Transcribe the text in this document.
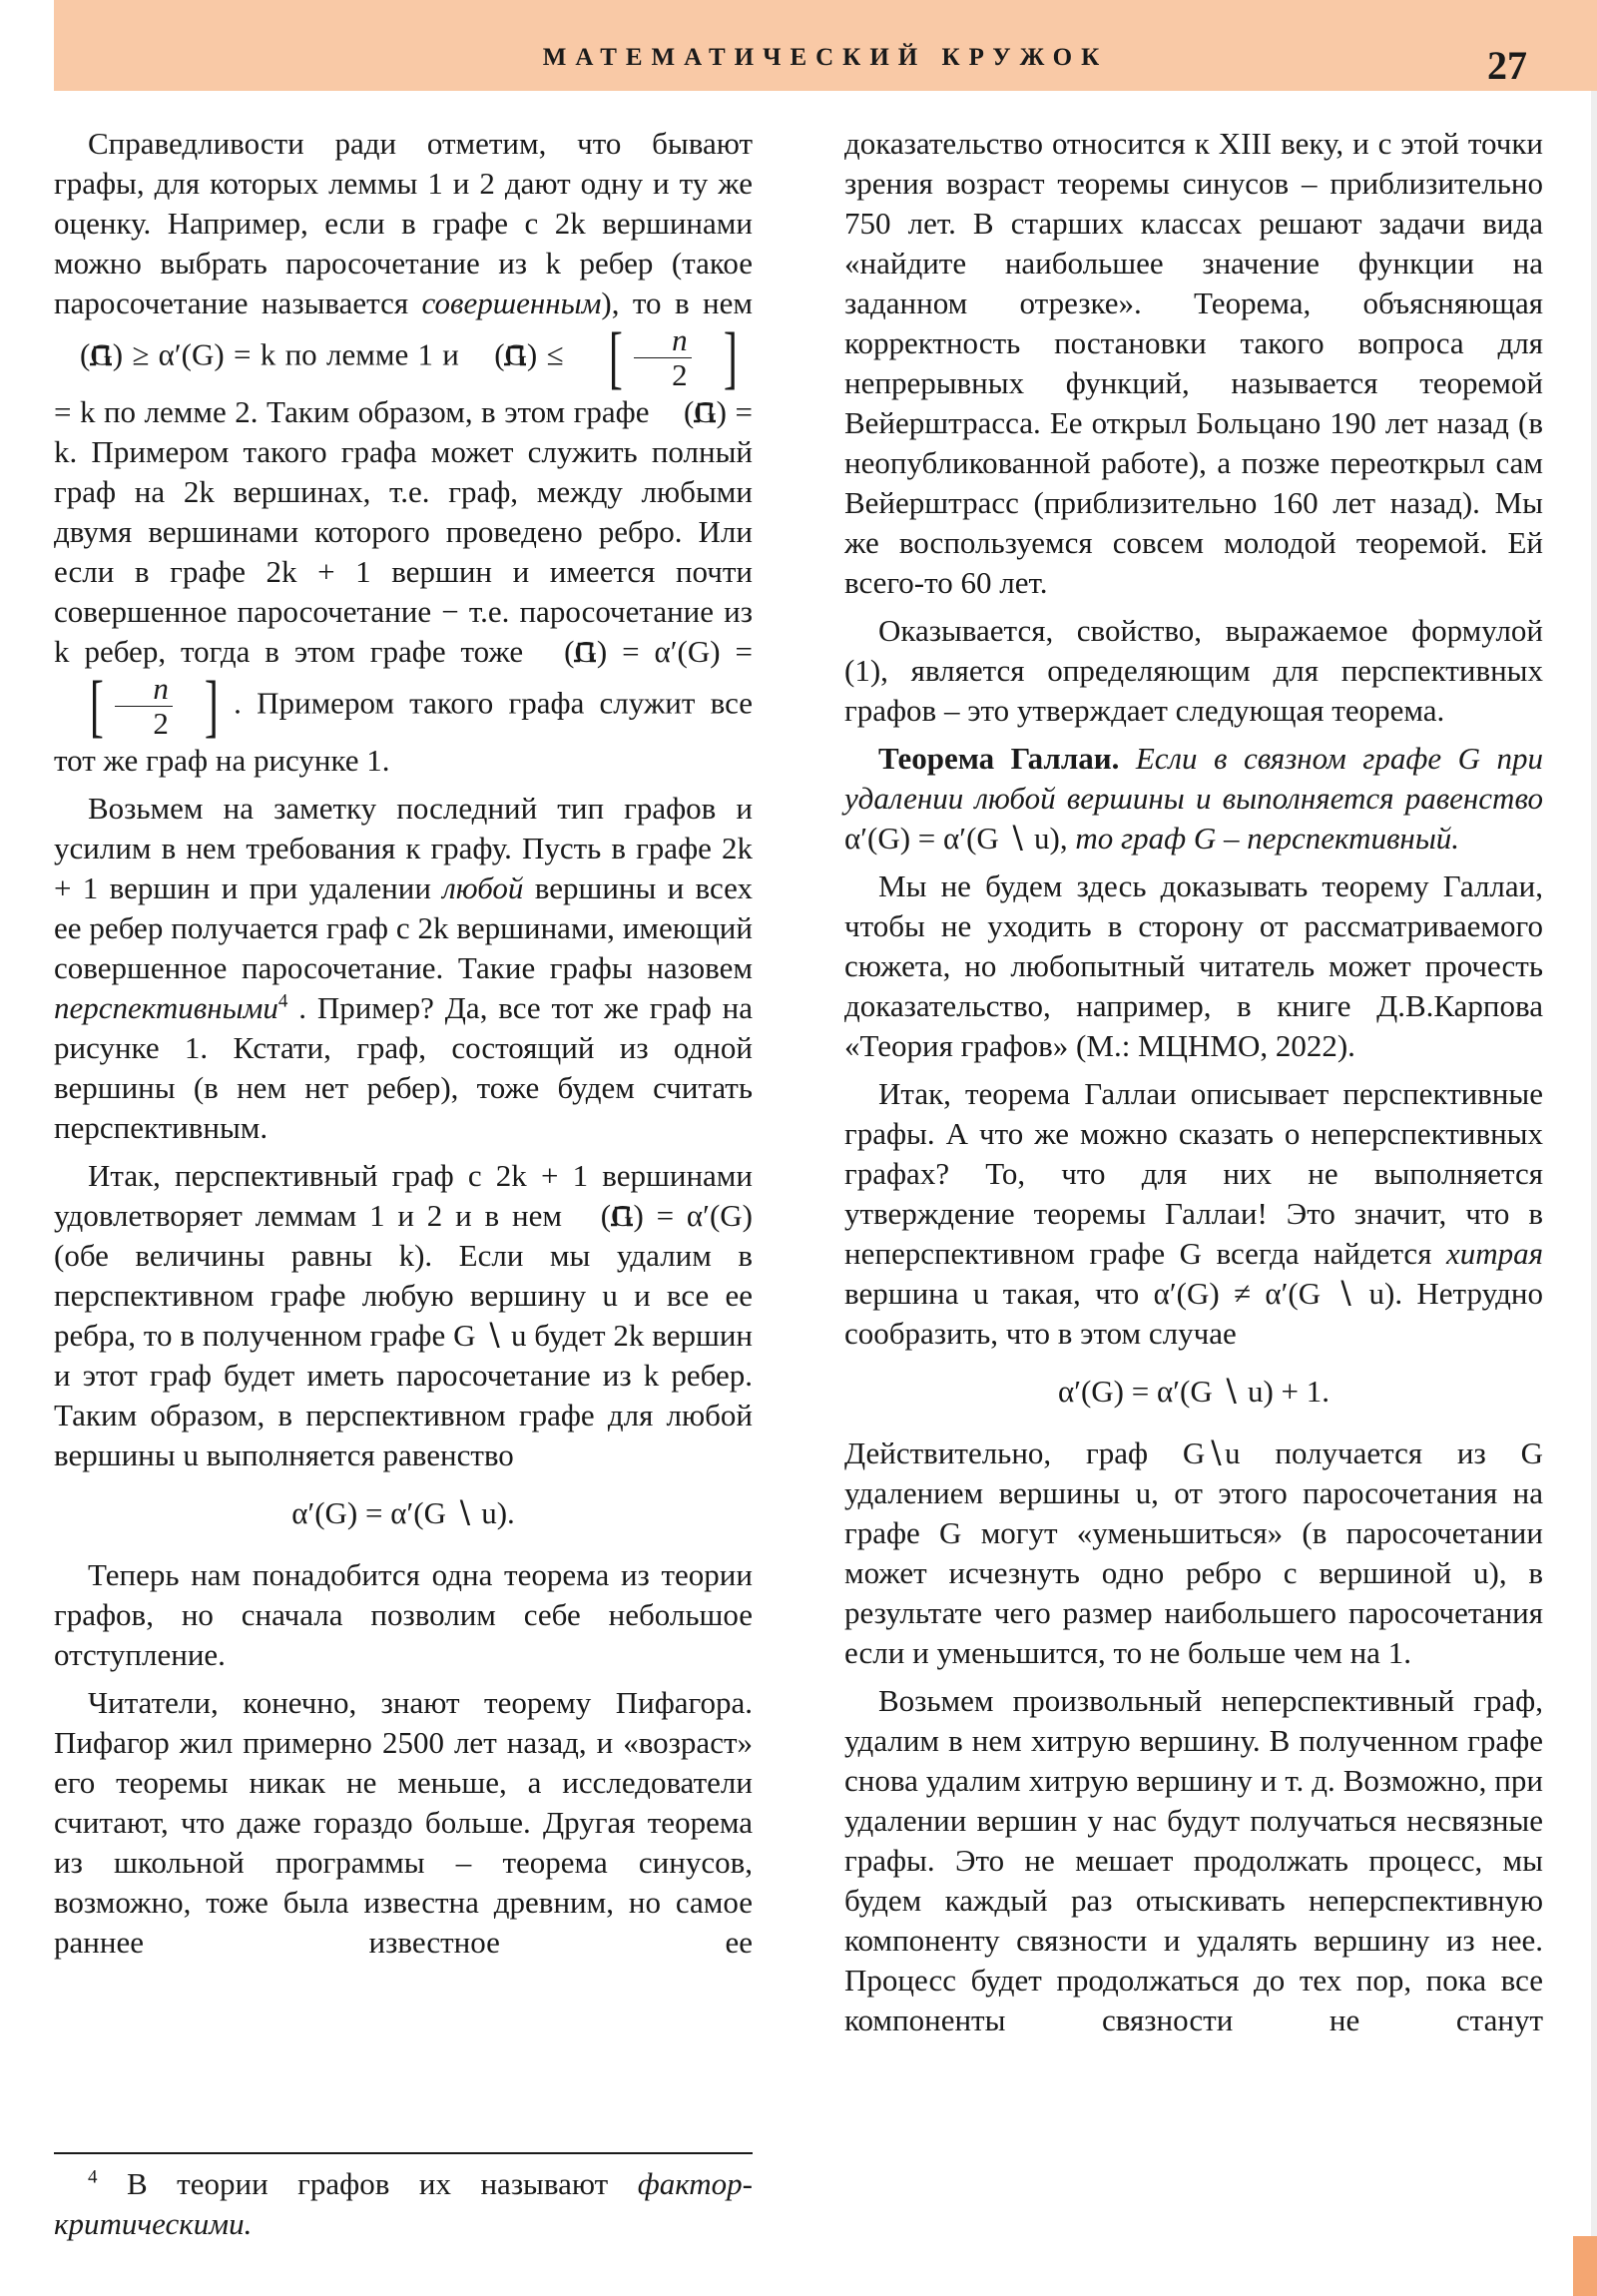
МАТЕМАТИЧЕСКИЙ КРУЖОК	27
Справедливости ради отметим, что бывают графы, для которых леммы 1 и 2 дают одну и ту же оценку. Например, если в графе с 2k вершинами можно выбрать паросочетание из k ребер (такое паросочетание называется совершенным), то в нем (G) ≥ α′(G) = k по лемме 1 и (G) ≤ [ $\frac{n}{2}$ ]
= k по лемме 2. Таким образом, в этом графе (G) = k. Примером такого графа может служить полный граф на 2k вершинах, т.е. граф, между любыми двумя вершинами которого проведено ребро. Или если в графе 2k + 1 вершин и имеется почти совершенное паросочетание − т.е. паросочетание из k ребер, тогда в этом графе тоже (G) = α′(G) =
[ $\frac{n}{2}$ ] . Примером такого графа служит все тот же граф на рисунке 1.
Возьмем на заметку последний тип графов и усилим в нем требования к графу. Пусть в графе 2k + 1 вершин и при удалении любой вершины и всех ее ребер получается граф с 2k вершинами, имеющий совершенное паросочетание. Такие графы назовем перспективными$^4$ . Пример? Да, все тот же граф на рисунке 1. Кстати, граф, состоящий из одной вершины (в нем нет ребер), тоже будем считать перспективным.
Итак, перспективный граф с 2k + 1 вершинами удовлетворяет леммам 1 и 2 и в нем (G) = α′(G) (обе величины равны k). Если мы удалим в перспективном графе любую вершину u и все ее ребра, то в полученном графе G ∖ u будет 2k вершин и этот граф будет иметь паросочетание из k ребер. Таким образом, в перспективном графе для любой вершины u выполняется равенство
α′(G) = α′(G ∖ u).
Теперь нам понадобится одна теорема из теории графов, но сначала позволим себе небольшое отступление.
Читатели, конечно, знают теорему Пифагора. Пифагор жил примерно 2500 лет назад, и «возраст» его теоремы никак не меньше, а исследователи считают, что даже гораздо больше. Другая теорема из школьной программы – теорема синусов, возможно, тоже была известна древним, но самое раннее известное ее
доказательство относится к XIII веку, и с этой точки зрения возраст теоремы синусов – приблизительно 750 лет. В старших классах решают задачи вида «найдите наибольшее значение функции на заданном отрезке». Теорема, объясняющая корректность постановки такого вопроса для непрерывных функций, называется теоремой Вейерштрасса. Ее открыл Больцано 190 лет назад (в неопубликованной работе), а позже переоткрыл сам Вейерштрасс (приблизительно 160 лет назад). Мы же воспользуемся совсем молодой теоремой. Ей всего-то 60 лет.
Оказывается, свойство, выражаемое формулой (1), является определяющим для перспективных графов – это утверждает следующая теорема.
Теорема Галлаи. Если в связном графе G при удалении любой вершины и выполняется равенство α′(G) = α′(G ∖ u), то граф G – перспективный.
Мы не будем здесь доказывать теорему Галлаи, чтобы не уходить в сторону от рассматриваемого сюжета, но любопытный читатель может прочесть доказательство, например, в книге Д.В.Карпова «Теория графов» (М.: МЦНМО, 2022).
Итак, теорема Галлаи описывает перспективные графы. А что же можно сказать о неперспективных графах? То, что для них не выполняется утверждение теоремы Галлаи! Это значит, что в неперспективном графе G всегда найдется хитрая вершина u такая, что α′(G) ≠ α′(G ∖ u). Нетрудно сообразить, что в этом случае
α′(G) = α′(G ∖ u) + 1.
Действительно, граф G∖u получается из G удалением вершины u, от этого паросочетания на графе G могут «уменьшиться» (в паросочетании может исчезнуть одно ребро с вершиной u), в результате чего размер наибольшего паросочетания если и уменьшится, то не больше чем на 1.
Возьмем произвольный неперспективный граф, удалим в нем хитрую вершину. В полученном графе снова удалим хитрую вершину и т. д. Возможно, при удалении вершин у нас будут получаться несвязные графы. Это не мешает продолжать процесс, мы будем каждый раз отыскивать неперспективную компоненту связности и удалять вершину из нее. Процесс будет продолжаться до тех пор, пока все компоненты связности не станут
$^4$ В теории графов их называют фактор-критическими.
